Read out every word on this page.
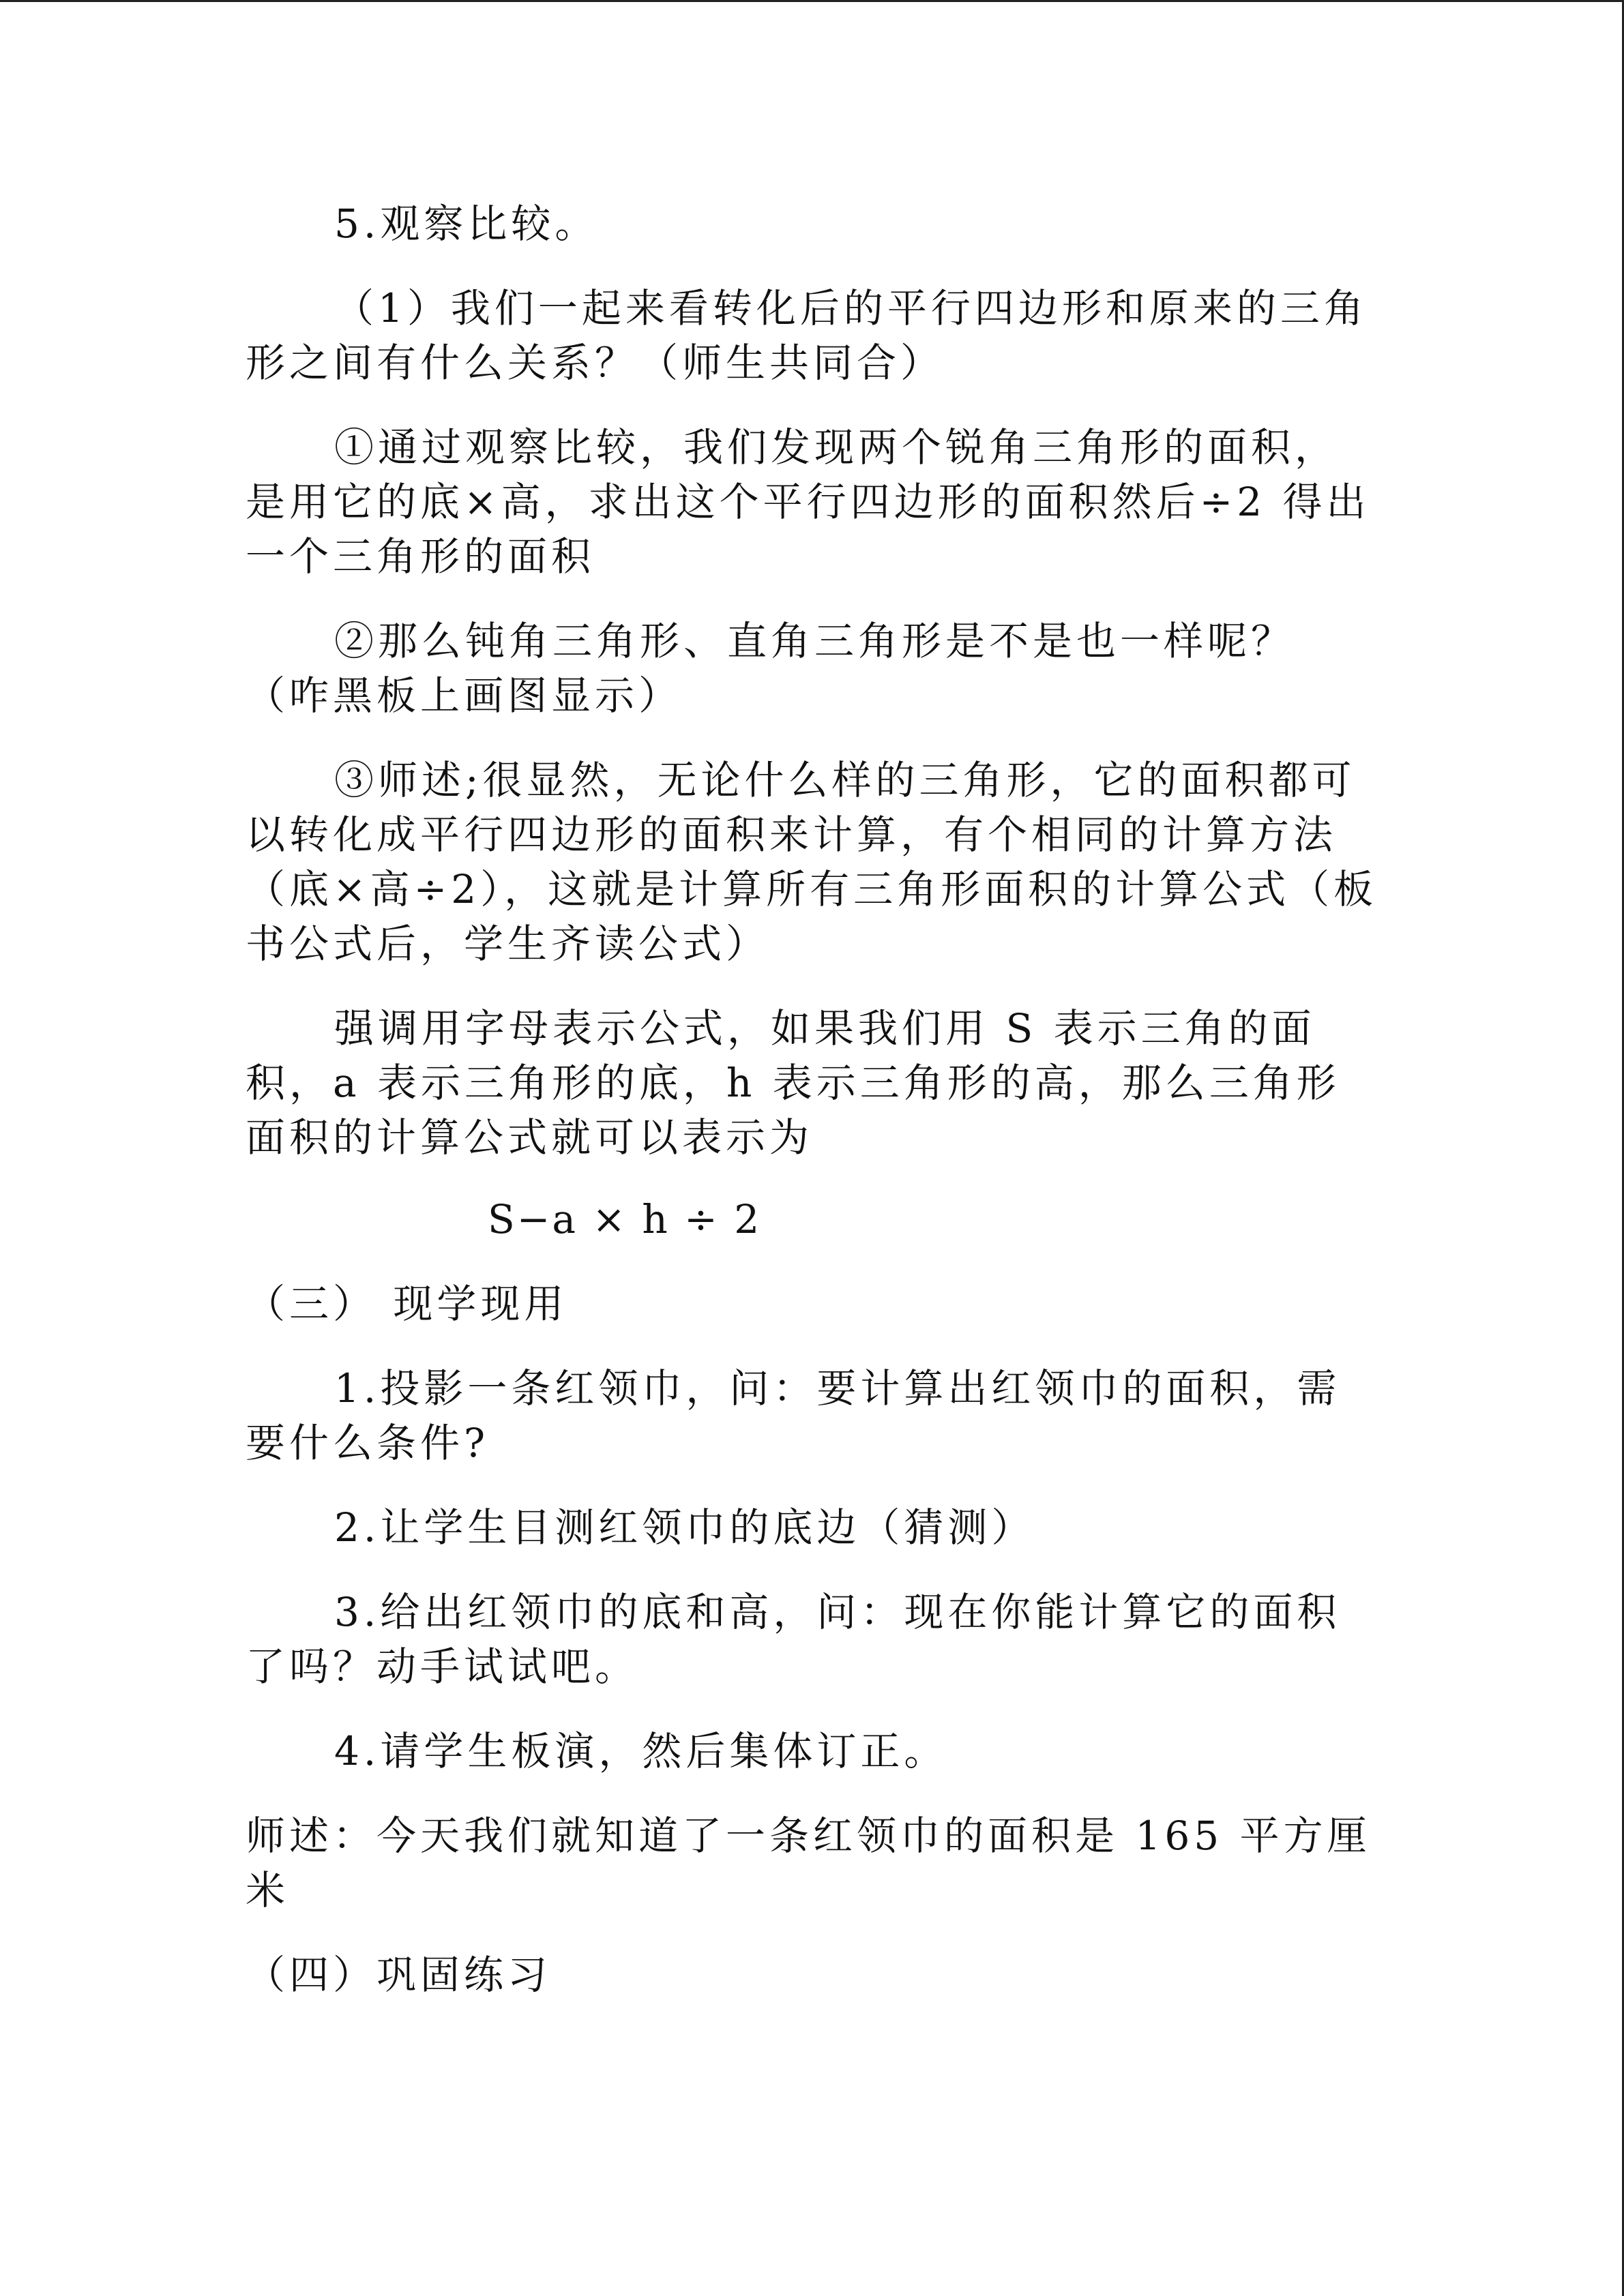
5.观察比较。

（1）我们一起来看转化后的平行四边形和原来的三角形之间有什么关系？（师生共同合）

①通过观察比较，我们发现两个锐角三角形的面积，是用它的底×高，求出这个平行四边形的面积然后÷2 得出一个三角形的面积

②那么钝角三角形、直角三角形是不是也一样呢？（咋黑板上画图显示）

③师述;很显然，无论什么样的三角形，它的面积都可以转化成平行四边形的面积来计算，有个相同的计算方法（底×高÷2），这就是计算所有三角形面积的计算公式（板书公式后，学生齐读公式）

强调用字母表示公式，如果我们用 S 表示三角的面积，a 表示三角形的底，h 表示三角形的高，那么三角形面积的计算公式就可以表示为

S−a × h ÷ 2

（三） 现学现用

1.投影一条红领巾，问：要计算出红领巾的面积，需要什么条件?

2.让学生目测红领巾的底边（猜测）

3.给出红领巾的底和高，问：现在你能计算它的面积了吗？动手试试吧。

4.请学生板演，然后集体订正。

师述：今天我们就知道了一条红领巾的面积是 165 平方厘米

（四）巩固练习
